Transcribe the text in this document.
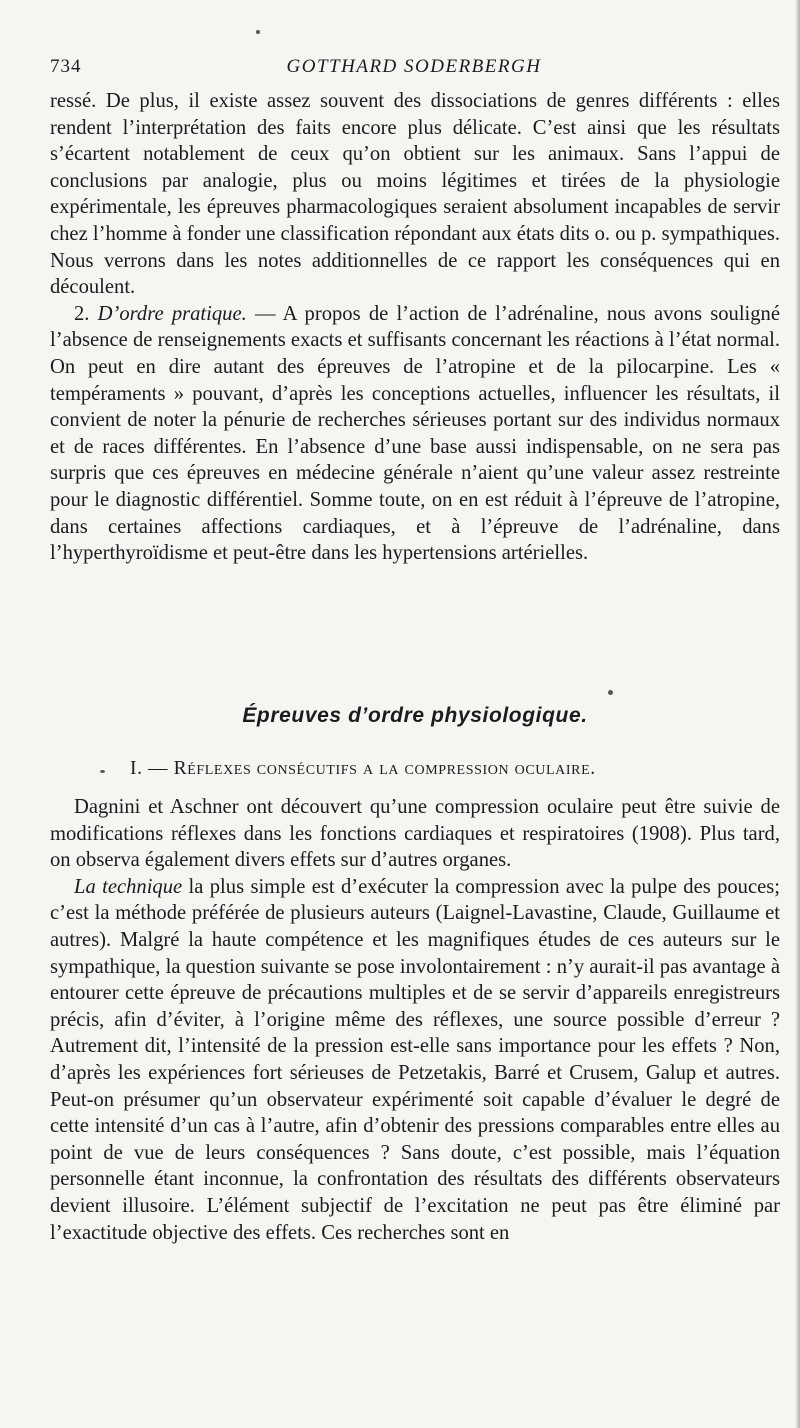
734	GOTTHARD SODERBERGH

ressé. De plus, il existe assez souvent des dissociations de genres différents : elles rendent l’interprétation des faits encore plus délicate. C’est ainsi que les résultats s’écartent notablement de ceux qu’on obtient sur les animaux. Sans l’appui de conclusions par analogie, plus ou moins légitimes et tirées de la physiologie expérimentale, les épreuves pharmacologiques seraient absolument incapables de servir chez l’homme à fonder une classification répondant aux états dits o. ou p. sympathiques. Nous verrons dans les notes additionnelles de ce rapport les conséquences qui en découlent.

2. D’ordre pratique. — A propos de l’action de l’adrénaline, nous avons souligné l’absence de renseignements exacts et suffisants concernant les réactions à l’état normal. On peut en dire autant des épreuves de l’atropine et de la pilocarpine. Les « tempéraments » pouvant, d’après les conceptions actuelles, influencer les résultats, il convient de noter la pénurie de recherches sérieuses portant sur des individus normaux et de races différentes. En l’absence d’une base aussi indispensable, on ne sera pas surpris que ces épreuves en médecine générale n’aient qu’une valeur assez restreinte pour le diagnostic différentiel. Somme toute, on en est réduit à l’épreuve de l’atropine, dans certaines affections cardiaques, et à l’épreuve de l’adrénaline, dans l’hyperthyroïdisme et peut-être dans les hypertensions artérielles.

Épreuves d’ordre physiologique.
I. — Réflexes consécutifs a la compression oculaire.

Dagnini et Aschner ont découvert qu’une compression oculaire peut être suivie de modifications réflexes dans les fonctions cardiaques et respiratoires (1908). Plus tard, on observa également divers effets sur d’autres organes.

La technique la plus simple est d’exécuter la compression avec la pulpe des pouces; c’est la méthode préférée de plusieurs auteurs (Laignel-Lavastine, Claude, Guillaume et autres). Malgré la haute compétence et les magnifiques études de ces auteurs sur le sympathique, la question suivante se pose involontairement : n’y aurait-il pas avantage à entourer cette épreuve de précautions multiples et de se servir d’appareils enregistreurs précis, afin d’éviter, à l’origine même des réflexes, une source possible d’erreur ? Autrement dit, l’intensité de la pression est-elle sans importance pour les effets ? Non, d’après les expériences fort sérieuses de Petzetakis, Barré et Crusem, Galup et autres. Peut-on présumer qu’un observateur expérimenté soit capable d’évaluer le degré de cette intensité d’un cas à l’autre, afin d’obtenir des pressions comparables entre elles au point de vue de leurs conséquences ? Sans doute, c’est possible, mais l’équation personnelle étant inconnue, la confrontation des résultats des différents observateurs devient illusoire. L’élément subjectif de l’excitation ne peut pas être éliminé par l’exactitude objective des effets. Ces recherches sont en
